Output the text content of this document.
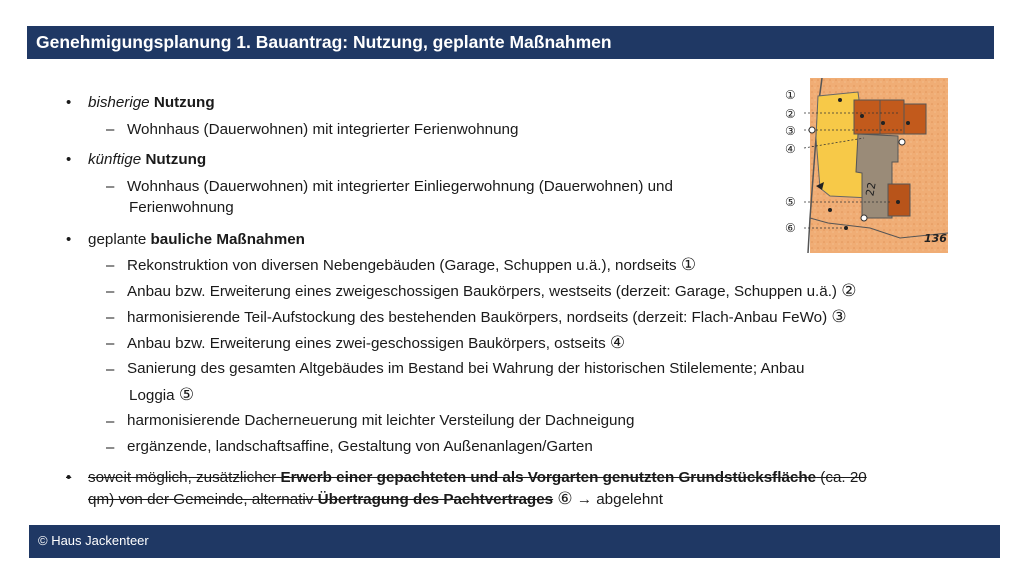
Genehmigungsplanung 1. Bauantrag: Nutzung, geplante Maßnahmen
• bisherige Nutzung
– Wohnhaus (Dauerwohnen) mit integrierter Ferienwohnung
• künftige Nutzung
– Wohnhaus (Dauerwohnen) mit integrierter Einliegerwohnung (Dauerwohnen) und
Ferienwohnung
• geplante bauliche Maßnahmen
– Rekonstruktion von diversen Nebengebäuden (Garage, Schuppen u.ä.), nordseits ①
– Anbau bzw. Erweiterung eines zweigeschossigen Baukörpers, westseits (derzeit: Garage, Schuppen u.ä.) ②
– harmonisierende Teil-Aufstockung des bestehenden Baukörpers, nordseits (derzeit: Flach-Anbau FeWo) ③
– Anbau bzw. Erweiterung eines zwei-geschossigen Baukörpers, ostseits ④
– Sanierung des gesamten Altgebäudes im Bestand bei Wahrung der historischen Stilelemente; Anbau
Loggia ⑤
– harmonisierende Dacherneuerung mit leichter Versteilung der Dachneigung
– ergänzende, landschaftsaffine, Gestaltung von Außenanlagen/Garten
• soweit möglich, zusätzlicher Erwerb einer gepachteten und als Vorgarten genutzten Grundstücksfläche (ca. 20
qm) von der Gemeinde, alternativ Übertragung des Pachtvertrages ⑥ → abgelehnt
①
②
③
④
⑤
⑥
22
136
© Haus Jackenteer
